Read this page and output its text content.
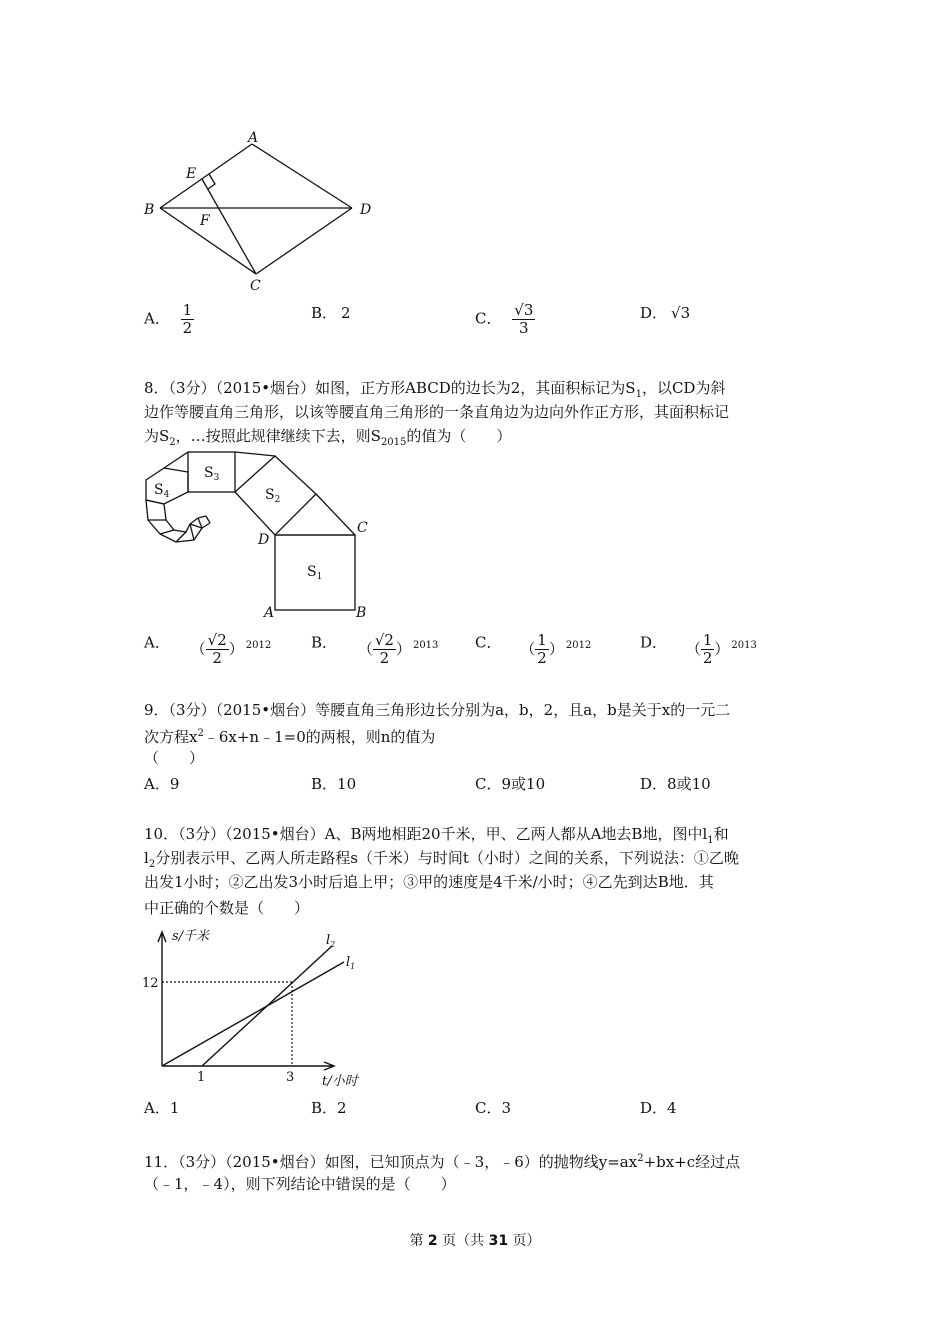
A
E
B
F
D
C
A． $\frac{1}{2}$	B． 2	C． $\frac{√3}{3}$	D． √3
8．（3分）（2015•烟台）如图，正方形ABCD的边长为2，其面积标记为$S_1$，以CD为斜
边作等腰直角三角形，以该等腰直角三角形的一条直角边为边向外作正方形，其面积标记
为$S_2$，…按照此规律继续下去，则$S_{2015}$的值为（　　）
$S_1$
$S_2$
$S_3$
$S_4$
D
C
A	B
A． （ $\frac{√2}{2}$ ） $^{2012}$	B． （ $\frac{√2}{2}$ ） $^{2013}$ C． （ $\frac{1}{2}$ ） $^{2012}$	D． （ $\frac{1}{2}$ ） $^{2013}$
9．（3分）（2015•烟台）等腰直角三角形边长分别为a，b，2，且a，b是关于x的一元二
次方程$x^2﹣6x+n﹣1=0$的两根，则n的值为
（　　）
A．9	B．10	C．9或10	D．8或10
10．（3分）（2015•烟台）A、B两地相距20千米，甲、乙两人都从A地去B地，图中$l_1$和
$l_2$分别表示甲、乙两人所走路程s（千米）与时间t（小时）之间的关系，下列说法：①乙晚
出发1小时；②乙出发3小时后追上甲；③甲的速度是4千米/小时；④乙先到达B地．其
中正确的个数是（　　）
s/千米
12
1	3 t/小时
$l_2$
$l_1$
A．1	B．2	C．3	D．4
11．（3分）（2015•烟台）如图，已知顶点为（﹣3，﹣6）的抛物线$y=ax^2+bx+c$经过点
（﹣1，﹣4），则下列结论中错误的是（　　）
第 2 页（共 31 页）
